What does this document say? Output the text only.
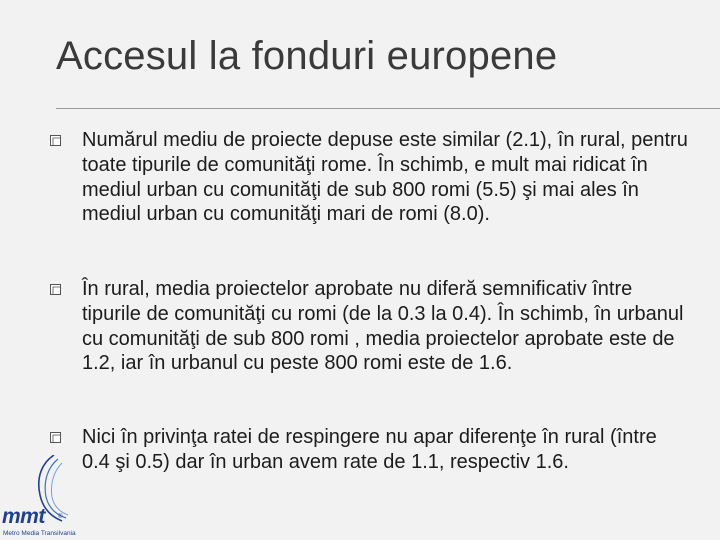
Accesul la fonduri europene
Numărul mediu de proiecte depuse este similar (2.1), în rural, pentru toate tipurile de comunităţi rome. În schimb, e mult mai ridicat în mediul urban cu comunităţi de sub 800 romi (5.5) şi mai ales în mediul urban cu comunităţi mari de romi (8.0).
În rural, media proiectelor aprobate nu diferă semnificativ între tipurile de comunităţi cu romi (de la 0.3 la 0.4). În schimb, în urbanul cu comunităţi de sub 800 romi , media proiectelor aprobate este de 1.2, iar în urbanul cu peste 800 romi este de 1.6.
Nici în privinţa ratei de respingere nu apar diferenţe în rural (între 0.4 şi 0.5) dar în urban avem rate de 1.1, respectiv 1.6.
mmt ®
Metro Media Transilvania
